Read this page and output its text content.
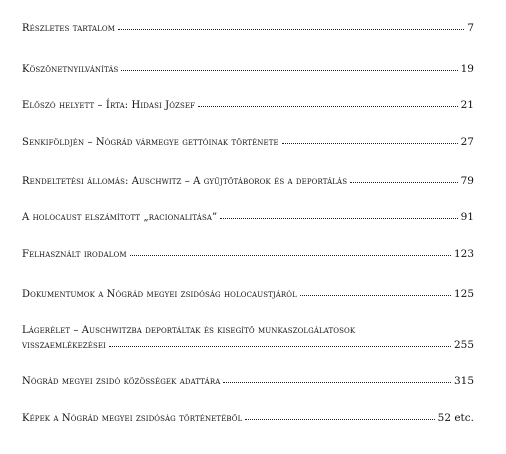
Részletes tartalom	7
Köszönetnyilvánítás	19
Előszó helyett – Írta: Hidasi József	21
Senkiföldjén – Nógrád vármegye gettóinak története	27
Rendeltetési állomás: Auschwitz – A gyűjtőtáborok és a deportálás	79
A holocaust elszámított „racionalitása”	91
Felhasznált irodalom	123
Dokumentumok a Nógrád megyei zsidóság holocaustjáról	125
Lágerélet – Auschwitzba deportáltak és kisegítő munkaszolgálatosok
visszaemlékezései	255
Nógrád megyei zsidó közösségek adattára	315
Képek a Nógrád megyei zsidóság történetéből	52 etc.
